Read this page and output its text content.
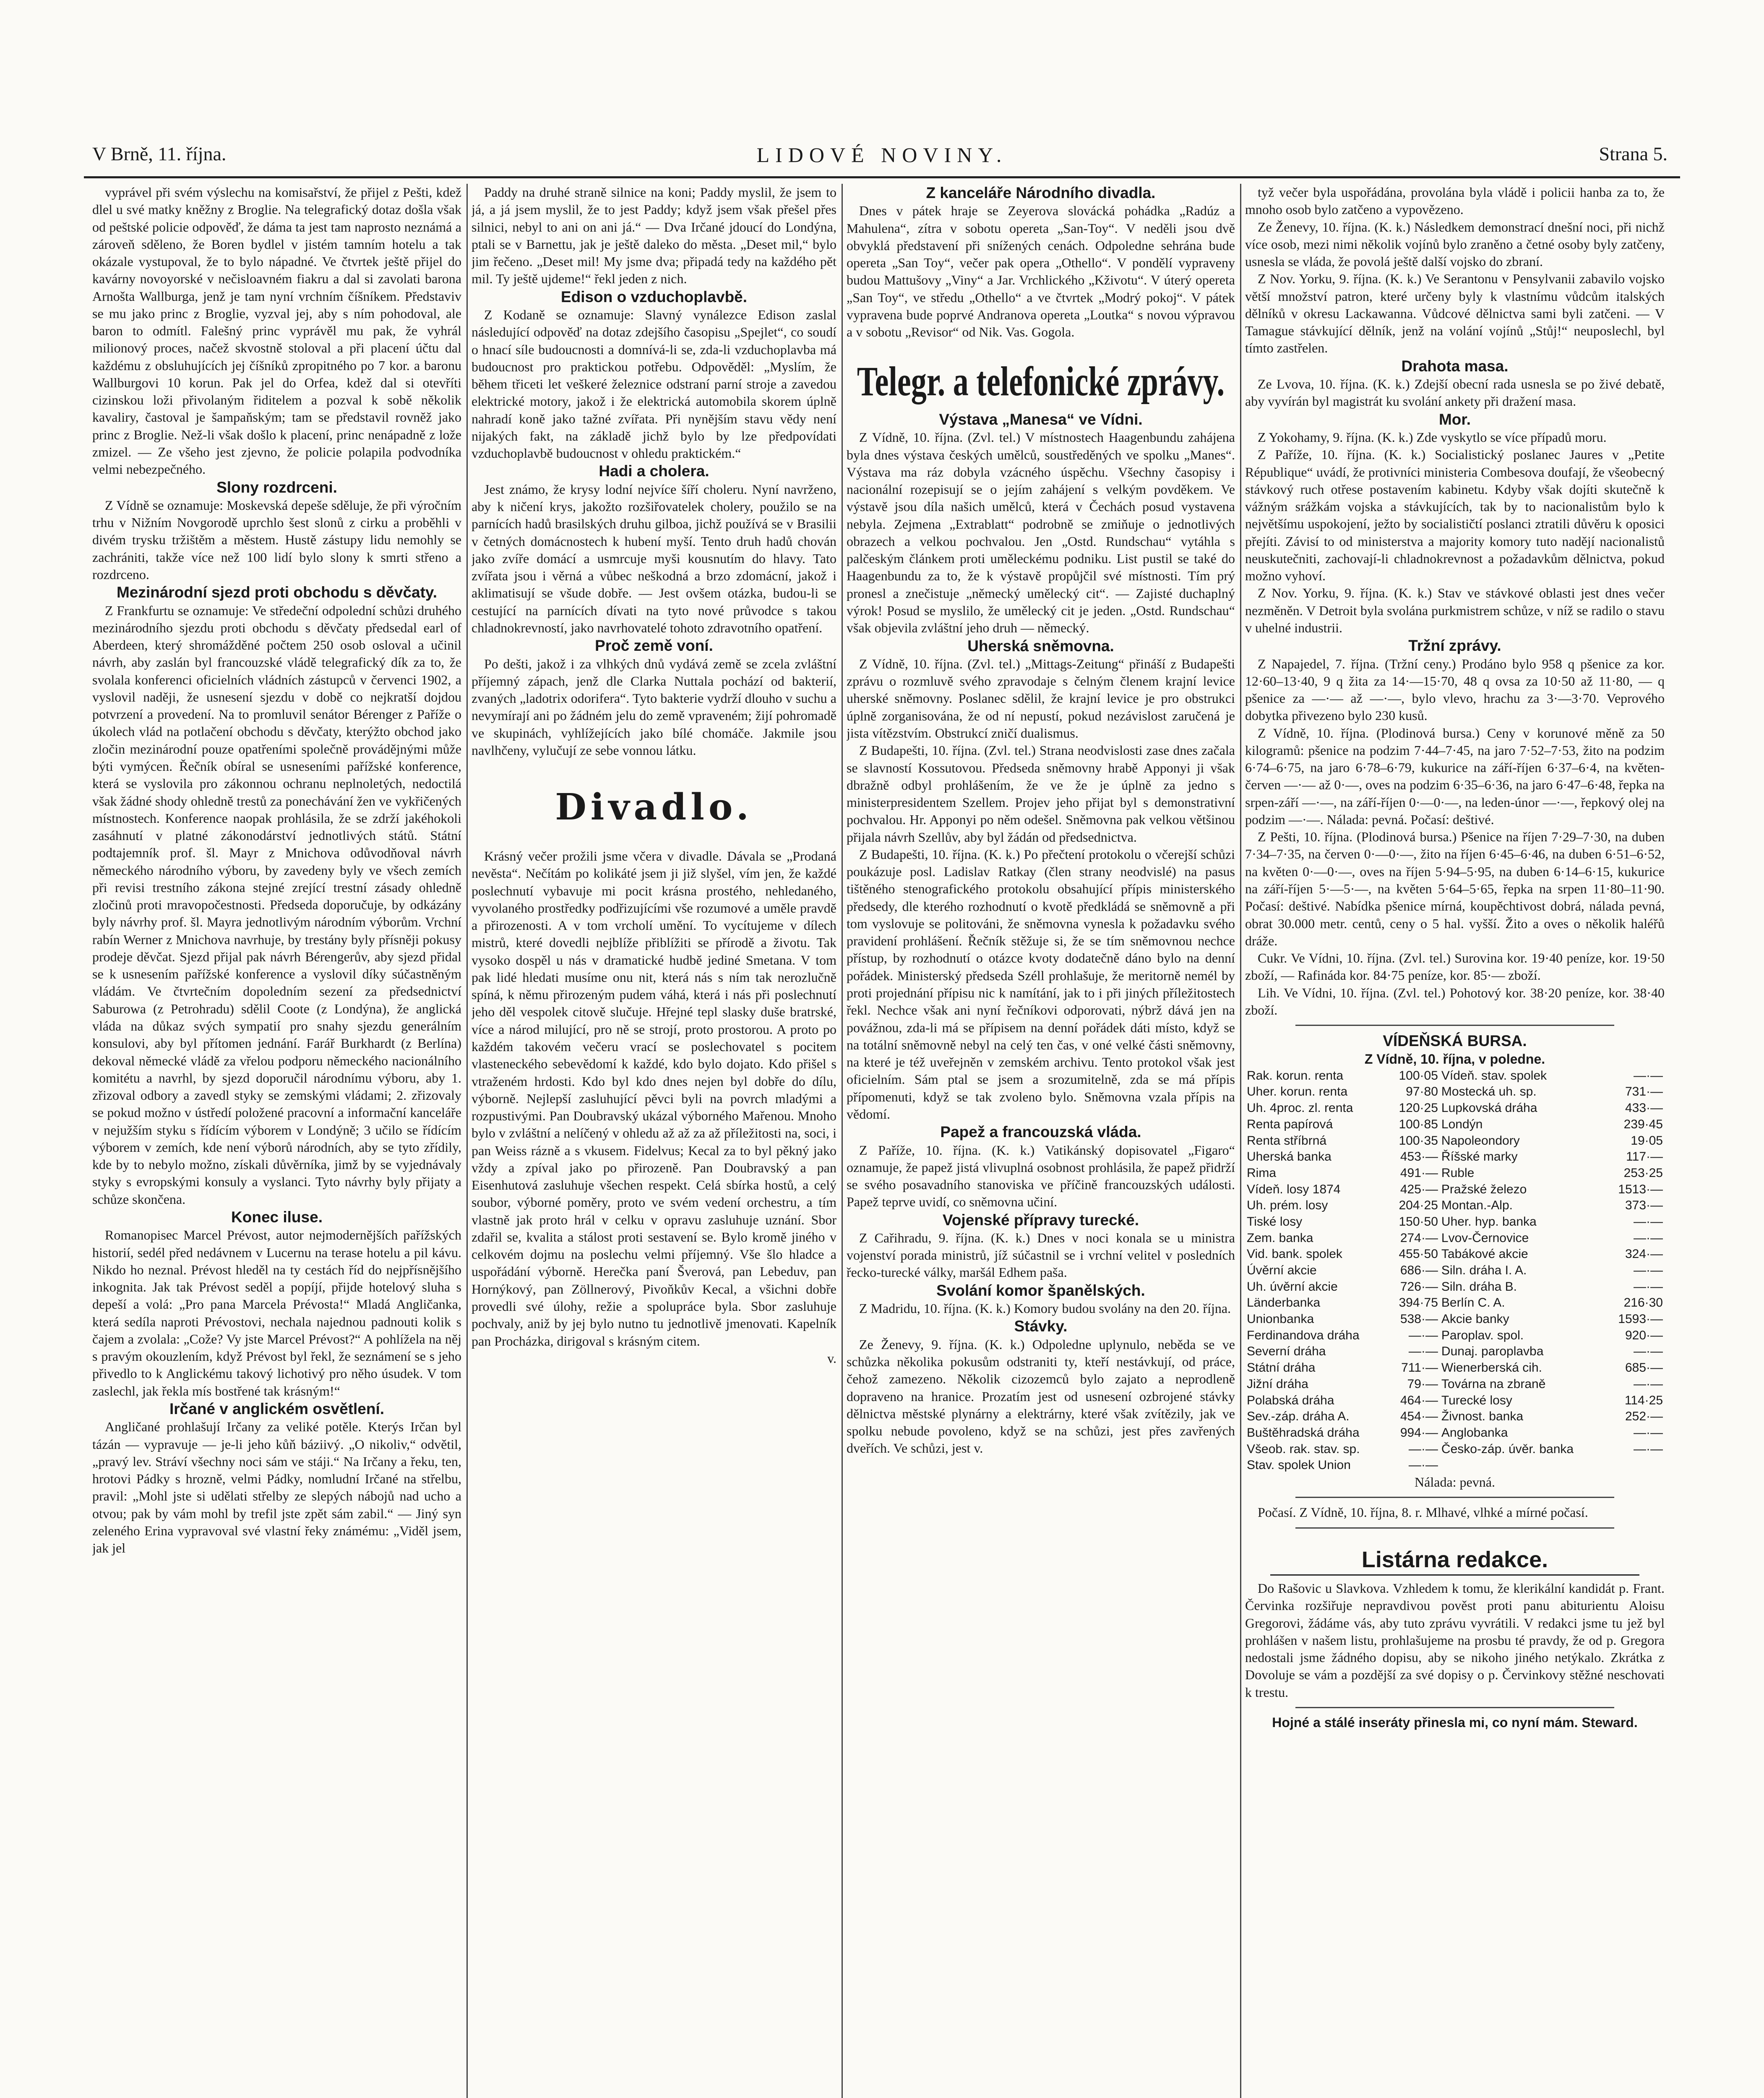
V Brně, 11. října.	LIDOVÉ NOVINY.	Strana 5.

vyprável při svém výslechu na komisařství, že přijel z Pešti, kdež dlel u své matky kněžny z Broglie. Na telegrafický dotaz došla však od peštské policie odpověď, že dáma ta jest tam naprosto neznámá a zároveň sděleno, že Boren bydlel v jistém tamním hotelu a tak okázale vystupoval, že to bylo nápadné. Ve čtvrtek ještě přijel do kavárny novoyorské v nečisloavném fiakru a dal si zavolati barona Arnošta Wallburga, jenž je tam nyní vrchním číšníkem. Představiv se mu jako princ z Broglie, vyzval jej, aby s ním pohodoval, ale baron to odmítl. Falešný princ vyprávěl mu pak, že vyhrál milionový proces, načež skvostně stoloval a při placení účtu dal každému z obsluhujících jej číšníků zpropitného po 7 kor. a baronu Wallburgovi 10 korun. Pak jel do Orfea, kdež dal si otevříti cizinskou loži přivolaným řiditelem a pozval k sobě několik kavaliry, častoval je šampaňským; tam se představil rovněž jako princ z Broglie. Než-li však došlo k placení, princ nenápadně z lože zmizel. — Ze všeho jest zjevno, že policie polapila podvodníka velmi nebezpečného.

Slony rozdrceni.

Z Vídně se oznamuje: Moskevská depeše sděluje, že při výročním trhu v Nižním Novgorodě uprchlo šest slonů z cirku a proběhli v divém trysku tržištěm a městem. Hustě zástupy lidu nemohly se zachrániti, takže více než 100 lidí bylo slony k smrti střeno a rozdrceno.

Mezinárodní sjezd proti obchodu s děvčaty.

Z Frankfurtu se oznamuje: Ve středeční odpolední schůzi druhého mezinárodního sjezdu proti obchodu s děvčaty předsedal earl of Aberdeen, který shromážděné počtem 250 osob osloval a učinil návrh, aby zaslán byl francouzské vládě telegrafický dík za to, že svolala konferenci oficielních vládních zástupců v červenci 1902, a vyslovil naději, že usnesení sjezdu v době co nejkratší dojdou potvrzení a provedení. Na to promluvil senátor Bérenger z Paříže o úkolech vlád na potlačení obchodu s děvčaty, kterýžto obchod jako zločin mezinárodní pouze opatřeními společně provádějnými může býti vymýcen. Řečník obíral se usneseními pařížské konference, která se vyslovila pro zákonnou ochranu neplnoletých, nedoctilá však žádné shody ohledně trestů za ponechávání žen ve vykřičených místnostech. Konference naopak prohlásila, že se zdrží jakéhokoli zasáhnutí v platné zákonodárství jednotlivých států. Státní podtajemník prof. šl. Mayr z Mnichova odůvodňoval návrh německého národního výboru, by zavedeny byly ve všech zemích při revisi trestního zákona stejné zrející trestní zásady ohledně zločinů proti mravopočestnosti. Předseda doporučuje, by odkázány byly návrhy prof. šl. Mayra jednotlivým národním výborům. Vrchní rabín Werner z Mnichova navrhuje, by trestány byly přísněji pokusy prodeje děvčat. Sjezd přijal pak návrh Bérengerův, aby sjezd přidal se k usnesením pařížské konference a vyslovil díky súčastněným vládám. Ve čtvrtečním dopoledním sezení za předsednictví Saburowa (z Petrohradu) sdělil Coote (z Londýna), že anglická vláda na důkaz svých sympatií pro snahy sjezdu generálním konsulovi, aby byl přítomen jednání. Farář Burkhardt (z Berlína) dekoval německé vládě za vřelou podporu německého nacionálního komitétu a navrhl, by sjezd doporučil národnímu výboru, aby 1. zřizoval odbory a zavedl styky se zemskými vládami; 2. zřizovaly se pokud možno v ústředí položené pracovní a informační kanceláře v nejužším styku s řídícím výborem v Londýně; 3 učilo se řídícím výborem v zemích, kde není výborů národních, aby se tyto zřídily, kde by to nebylo možno, získali důvěrníka, jimž by se vyjednávaly styky s evropskými konsuly a vyslanci. Tyto návrhy byly přijaty a schůze skončena.

Konec iluse.

Romanopisec Marcel Prévost, autor nejmodernějších pařížských historií, sedél před nedávnem v Lucernu na terase hotelu a pil kávu. Nikdo ho neznal. Prévost hleděl na ty cestách říd do nejpřísnějšího inkognita. Jak tak Prévost seděl a popíjí, přijde hotelový sluha s depeší a volá: „Pro pana Marcela Prévosta!“ Mladá Angličanka, která sedíla naproti Prévostovi, nechala najednou padnouti kolik s čajem a zvolala: „Cože? Vy jste Marcel Prévost?“ A pohlížela na něj s pravým okouzlením, když Prévost byl řekl, že seznámení se s jeho přivedlo to k Anglickému takový lichotivý pro něho úsudek. V tom zaslechl, jak řekla mís bostřené tak krásným!“

Irčané v anglickém osvětlení.

Angličané prohlašují Irčany za veliké potěle. Kterýs Irčan byl tázán — vypravuje — je-li jeho kůň báziivý. „O nikoliv,“ odvětil, „pravý lev. Stráví všechny noci sám ve stáji.“ Na Irčany a řeku, ten, hrotovi Pádky s hrozně, velmi Pádky, nomludní Irčané na střelbu, pravil: „Mohl jste si udělati střelby ze slepých nábojů nad ucho a otvou; pak by vám mohl by trefil jste zpět sám zabil.“ — Jiný syn zeleného Erina vypravoval své vlastní řeky známému: „Viděl jsem, jak jel

Paddy na druhé straně silnice na koni; Paddy myslil, že jsem to já, a já jsem myslil, že to jest Paddy; když jsem však přešel přes silnici, nebyl to ani on ani já.“ — Dva Irčané jdoucí do Londýna, ptali se v Barnettu, jak je ještě daleko do města. „Deset mil,“ bylo jim řečeno. „Deset mil! My jsme dva; připadá tedy na každého pět mil. Ty ještě ujdeme!“ řekl jeden z nich.

Edison o vzduchoplavbě.

Z Kodaně se oznamuje: Slavný vynálezce Edison zaslal následující odpověď na dotaz zdejšího časopisu „Spejlet“, co soudí o hnací síle budoucnosti a domnívá-li se, zda-li vzduchoplavba má budoucnost pro praktickou potřebu. Odpověděl: „Myslím, že během třiceti let veškeré železnice odstraní parní stroje a zavedou elektrické motory, jakož i že elektrická automobila skorem úplně nahradí koně jako tažné zvířata. Při nynějším stavu vědy není nijakých fakt, na základě jichž bylo by lze předpovídati vzduchoplavbě budoucnost v ohledu praktickém.“

Hadi a cholera.

Jest známo, že krysy lodní nejvíce šíří choleru. Nyní navrženo, aby k ničení krys, jakožto rozšiřovatelek cholery, použilo se na parnících hadů brasilských druhu gilboa, jichž používá se v Brasilii v četných domácnostech k hubení myší. Tento druh hadů chován jako zvíře domácí a usmrcuje myši kousnutím do hlavy. Tato zvířata jsou i věrná a vůbec neškodná a brzo zdomácní, jakož i aklimatisují se všude dobře. — Jest ovšem otázka, budou-li se cestující na parnících dívati na tyto nové průvodce s takou chladnokrevností, jako navrhovatelé tohoto zdravotního opatření.

Proč země voní.

Po dešti, jakož i za vlhkých dnů vydává země se zcela zvláštní příjemný zápach, jenž dle Clarka Nuttala pochází od bakterií, zvaných „ladotrix odorifera“. Tyto bakterie vydrží dlouho v suchu a nevymírají ani po žádném jelu do země vpraveném; žijí pohromadě ve skupinách, vyhlížejících jako bílé chomáče. Jakmile jsou navlhčeny, vylučují ze sebe vonnou látku.

Divadlo.

Krásný večer prožili jsme včera v divadle. Dávala se „Prodaná nevěsta“. Nečítám po kolikáté jsem ji již slyšel, vím jen, že každé poslechnutí vybavuje mi pocit krásna prostého, nehledaného, vyvolaného prostředky podřizujícími vše rozumové a uměle pravdě a přirozenosti. A v tom vrcholí umění. To vycítujeme v dílech mistrů, které dovedli nejblíže přiblížiti se přírodě a životu. Tak vysoko dospěl u nás v dramatické hudbě jediné Smetana. V tom pak lidé hledati musíme onu nit, která nás s ním tak nerozlučně spíná, k němu přirozeným pudem váhá, která i nás při poslechnutí jeho děl vespolek citově slučuje. Hřejné tepl slasky duše bratrské, více a národ milující, pro ně se strojí, proto prostorou. A proto po každém takovém večeru vrací se poslechovatel s pocitem vlasteneckého sebevědomí k každé, kdo bylo dojato. Kdo přišel s vtraženém hrdosti. Kdo byl kdo dnes nejen byl dobře do dílu, výborně. Nejlepší zasluhující pěvci byli na povrch mladými a rozpustivými. Pan Doubravský ukázal výborného Mařenou. Mnoho bylo v zvláštní a nelíčený v ohledu až až za až příležitosti na, soci, i pan Weiss rázně a s vkusem. Fidelvus; Kecal za to byl pěkný jako vždy a zpíval jako po přirozeně. Pan Doubravský a pan Eisenhutová zasluhuje všechen respekt. Celá sbírka hostů, a celý soubor, výborné poměry, proto ve svém vedení orchestru, a tím vlastně jak proto hrál v celku v opravu zasluhuje uznání. Sbor zdařil se, kvalita a stálost proti sestavení se. Bylo kromě jiného v celkovém dojmu na poslechu velmi příjemný. Vše šlo hladce a uspořádání výborně. Herečka paní Šverová, pan Lebeduv, pan Hornýkový, pan Zöllnerový, Pivoňkův Kecal, a všichni dobře provedli své úlohy, režie a spolupráce byla. Sbor zasluhuje pochvaly, aniž by jej bylo nutno tu jednotlivě jmenovati. Kapelník pan Procházka, dirigoval s krásným citem.

v.

Z kanceláře Národního divadla.

Dnes v pátek hraje se Zeyerova slovácká pohádka „Radúz a Mahulena“, zítra v sobotu opereta „San-Toy“. V neděli jsou dvě obvyklá představení při snížených cenách. Odpoledne sehrána bude opereta „San Toy“, večer pak opera „Othello“. V pondělí vypraveny budou Mattušovy „Viny“ a Jar. Vrchlického „Kživotu“. V úterý opereta „San Toy“, ve středu „Othello“ a ve čtvrtek „Modrý pokoj“. V pátek vypravena bude poprvé Andranova opereta „Loutka“ s novou výpravou a v sobotu „Revisor“ od Nik. Vas. Gogola.

Telegr. a telefonické zprávy.
Výstava „Manesa“ ve Vídni.

Z Vídně, 10. října. (Zvl. tel.) V místnostech Haagenbundu zahájena byla dnes výstava českých umělců, soustředěných ve spolku „Manes“. Výstava ma ráz dobyla vzácného úspěchu. Všechny časopisy i nacionální rozepisují se o jejím zahájení s velkým povděkem. Ve výstavě jsou díla našich umělců, která v Čechách posud vystavena nebyla. Zejmena „Extrablatt“ podrobně se zmiňuje o jednotlivých obrazech a velkou pochvalou. Jen „Ostd. Rundschau“ vytáhla s palčeským článkem proti uměleckému podniku. List pustil se také do Haagenbundu za to, že k výstavě propůjčil své místnosti. Tím prý pronesl a znečistuje „německý umělecký cit“. — Zajisté duchaplný výrok! Posud se myslilo, že umělecký cit je jeden. „Ostd. Rundschau“ však objevila zvláštní jeho druh — německý.

Uherská sněmovna.

Z Vídně, 10. října. (Zvl. tel.) „Mittags-Zeitung“ přináší z Budapešti zprávu o rozmluvě svého zpravodaje s čelným členem krajní levice uherské sněmovny. Poslanec sdělil, že krajní levice je pro obstrukci úplně zorganisována, že od ní nepustí, pokud nezávislost zaručená je jista vítězstvím. Obstrukcí zničí dualismus.

Z Budapešti, 10. října. (Zvl. tel.) Strana neodvislosti zase dnes začala se slavností Kossutovou. Předseda sněmovny hrabě Apponyi ji však dbražně odbyl prohlášením, že ve že je úplně za jedno s ministerpresidentem Szellem. Projev jeho přijat byl s demonstrativní pochvalou. Hr. Apponyi po něm odešel. Sněmovna pak velkou většinou přijala návrh Szellův, aby byl žádán od předsednictva.

Z Budapešti, 10. října. (K. k.) Po přečtení protokolu o včerejší schůzi poukázuje posl. Ladislav Ratkay (člen strany neodvislé) na pasus tištěného stenografického protokolu obsahující přípis ministerského předsedy, dle kterého rozhodnutí o kvotě předkládá se sněmovně a při tom vyslovuje se politováni, že sněmovna vynesla k požadavku svého pravidení prohlášení. Řečník stěžuje si, že se tím sněmovnou nechce přístup, by rozhodnutí o otázce kvoty dodatečně dáno bylo na denní pořádek. Ministerský předseda Széll prohlašuje, že meritorně nemél by proti projednání přípisu nic k namítání, jak to i při jiných příležitostech řekl. Nechce však ani nyní řečníkovi odporovati, nýbrž dává jen na povážnou, zda-li má se přípisem na denní pořádek dáti místo, když se na totální sněmovně nebyl na celý ten čas, v oné velké části sněmovny, na které je též uveřejněn v zemském archivu. Tento protokol však jest oficielním. Sám ptal se jsem a srozumitelně, zda se má přípis přípomenuti, když se tak zvoleno bylo. Sněmovna vzala přípis na vědomí.

Papež a francouzská vláda.

Z Paříže, 10. října. (K. k.) Vatikánský dopisovatel „Figaro“ oznamuje, že papež jistá vlivuplná osobnost prohlásila, že papež přidrží se svého posavadního stanoviska ve příčině francouzských události. Papež teprve uvidí, co sněmovna učiní.

Vojenské přípravy turecké.

Z Cařihradu, 9. října. (K. k.) Dnes v noci konala se u ministra vojenství porada ministrů, jíž súčastnil se i vrchní velitel v posledních řecko-turecké války, maršál Edhem paša.

Svolání komor španělských.

Z Madridu, 10. října. (K. k.) Komory budou svolány na den 20. října.

Stávky.

Ze Ženevy, 9. října. (K. k.) Odpoledne uplynulo, neběda se ve schůzka několika pokusům odstraniti ty, kteří nestávkují, od práce, čehož zamezeno. Několik cizozemců bylo zajato a neprodleně dopraveno na hranice. Prozatím jest od usnesení ozbrojené stávky dělnictva městské plynárny a elektrárny, které však zvítězily, jak ve spolku nebude povoleno, když se na schůzi, jest přes zavřených dveřích. Ve schůzi, jest v.

tyž večer byla uspořádána, provolána byla vládě i policii hanba za to, že mnoho osob bylo zatčeno a vypovězeno.

Ze Ženevy, 10. října. (K. k.) Následkem demonstrací dnešní noci, při nichž více osob, mezi nimi několik vojínů bylo zraněno a četné osoby byly zatčeny, usnesla se vláda, že povolá ještě další vojsko do zbraní.

Z Nov. Yorku, 9. října. (K. k.) Ve Serantonu v Pensylvanii zabavilo vojsko větší množství patron, které určeny byly k vlastnímu vůdcům italských dělníků v okresu Lackawanna. Vůdcové dělnictva sami byli zatčeni. — V Tamague stávkující dělník, jenž na volání vojínů „Stůj!“ neuposlechl, byl tímto zastřelen.

Drahota masa.

Ze Lvova, 10. října. (K. k.) Zdejší obecní rada usnesla se po živé debatě, aby vyvírán byl magistrát ku svolání ankety při dražení masa.

Mor.

Z Yokohamy, 9. října. (K. k.) Zde vyskytlo se více případů moru.

Z Paříže, 10. října. (K. k.) Socialistický poslanec Jaures v „Petite République“ uvádí, že protivníci ministeria Combesova doufají, že všeobecný stávkový ruch otřese postavením kabinetu. Kdyby však dojíti skutečně k vážným srážkám vojska a stávkujících, tak by to nacionalistům bylo k největšímu uspokojení, ježto by socialističtí poslanci ztratili důvěru k oposici přejíti. Závisí to od ministerstva a majority komory tuto nadějí nacionalistů neuskutečniti, zachovají-li chladnokrevnost a požadavkům dělnictva, pokud možno vyhoví.

Z Nov. Yorku, 9. října. (K. k.) Stav ve stávkové oblasti jest dnes večer nezměněn. V Detroit byla svolána purkmistrem schůze, v níž se radilo o stavu v uhelné industrii.

Tržní zprávy.

Z Napajedel, 7. října. (Tržní ceny.) Prodáno bylo 958 q pšenice za kor. 12·60–13·40, 9 q žita za 14·—15·70, 48 q ovsa za 10·50 až 11·80, — q pšenice za —·— až —·—, bylo vlevo, hrachu za 3·—3·70. Veprového dobytka přivezeno bylo 230 kusů.

Z Vídně, 10. října. (Plodinová bursa.) Ceny v korunové měně za 50 kilogramů: pšenice na podzim 7·44–7·45, na jaro 7·52–7·53, žito na podzim 6·74–6·75, na jaro 6·78–6·79, kukurice na září-říjen 6·37–6·4, na květen-červen —·— až 0·—, oves na podzim 6·35–6·36, na jaro 6·47–6·48, řepka na srpen-září —·—, na září-říjen 0·—0·—, na leden-únor —·—, řepkový olej na podzim —·—. Nálada: pevná. Počasí: deštivé.

Z Pešti, 10. října. (Plodinová bursa.) Pšenice na říjen 7·29–7·30, na duben 7·34–7·35, na červen 0·—0·—, žito na říjen 6·45–6·46, na duben 6·51–6·52, na květen 0·—0·—, oves na říjen 5·94–5·95, na duben 6·14–6·15, kukurice na září-říjen 5·—5·—, na květen 5·64–5·65, řepka na srpen 11·80–11·90. Počasí: deštivé. Nabídka pšenice mírná, koupěchtivost dobrá, nálada pevná, obrat 30.000 metr. centů, ceny o 5 hal. vyšší. Žito a oves o několik haléřů dráže.

Cukr. Ve Vídni, 10. října. (Zvl. tel.) Surovina kor. 19·40 peníze, kor. 19·50 zboží, — Rafináda kor. 84·75 peníze, kor. 85·— zboží.

Lih. Ve Vídni, 10. října. (Zvl. tel.) Pohotový kor. 38·20 peníze, kor. 38·40 zboží.

VÍDEŇSKÁ BURSA.

Z Vídně, 10. října, v poledne.

Rak. korun. renta	100·05	Vídeň. stav. spolek	—·—
Uher. korun. renta	97·80	Mostecká uh. sp.	731·—
Uh. 4proc. zl. renta	120·25	Lupkovská dráha	433·—
Renta papírová	100·85	Londýn	239·45
Renta stříbrná	100·35	Napoleondory	19·05
Uherská banka	453·—	Říšské marky	117·—
Rima	491·—	Ruble	253·25
Vídeň. losy 1874	425·—	Pražské železo	1513·—
Uh. prém. losy	204·25	Montan.-Alp.	373·—
Tiské losy	150·50	Uher. hyp. banka	—·—
Zem. banka	274·—	Lvov-Černovice	—·—
Vid. bank. spolek	455·50	Tabákové akcie	324·—
Úvěrní akcie	686·—	Siln. dráha I. A.	—·—
Uh. úvěrní akcie	726·—	Siln. dráha B.	—·—
Länderbanka	394·75	Berlín C. A.	216·30
Unionbanka	538·—	Akcie banky	1593·—
Ferdinandova dráha	—·—	Paroplav. spol.	920·—
Severní dráha	—·—	Dunaj. paroplavba	—·—
Státní dráha	711·—	Wienerberská cih.	685·—
Jižní dráha	79·—	Továrna na zbraně	—·—
Polabská dráha	464·—	Turecké losy	114·25
Sev.-záp. dráha A.	454·—	Živnost. banka	252·—
Buštěhradská dráha	994·—	Anglobanka	—·—
Všeob. rak. stav. sp.	—·—	Česko-záp. úvěr. banka	—·—
Stav. spolek Union	—·—		

Nálada: pevná.

Počasí. Z Vídně, 10. října, 8. r. Mlhavé, vlhké a mírné počasí.

Listárna redakce.

Do Rašovic u Slavkova. Vzhledem k tomu, že klerikální kandidát p. Frant. Červinka rozšiřuje nepravdivou pověst proti panu abiturientu Aloisu Gregorovi, žádáme vás, aby tuto zprávu vyvrátili. V redakci jsme tu jež byl prohlášen v našem listu, prohlašujeme na prosbu té pravdy, že od p. Gregora nedostali jsme žádného dopisu, aby se nikoho jiného netýkalo. Zkrátka z Dovoluje se vám a pozdější za své dopisy o p. Červinkovy stěžné neschovati k trestu.

Hojné a stálé inseráty přinesla mi, co nyní mám. Steward.
